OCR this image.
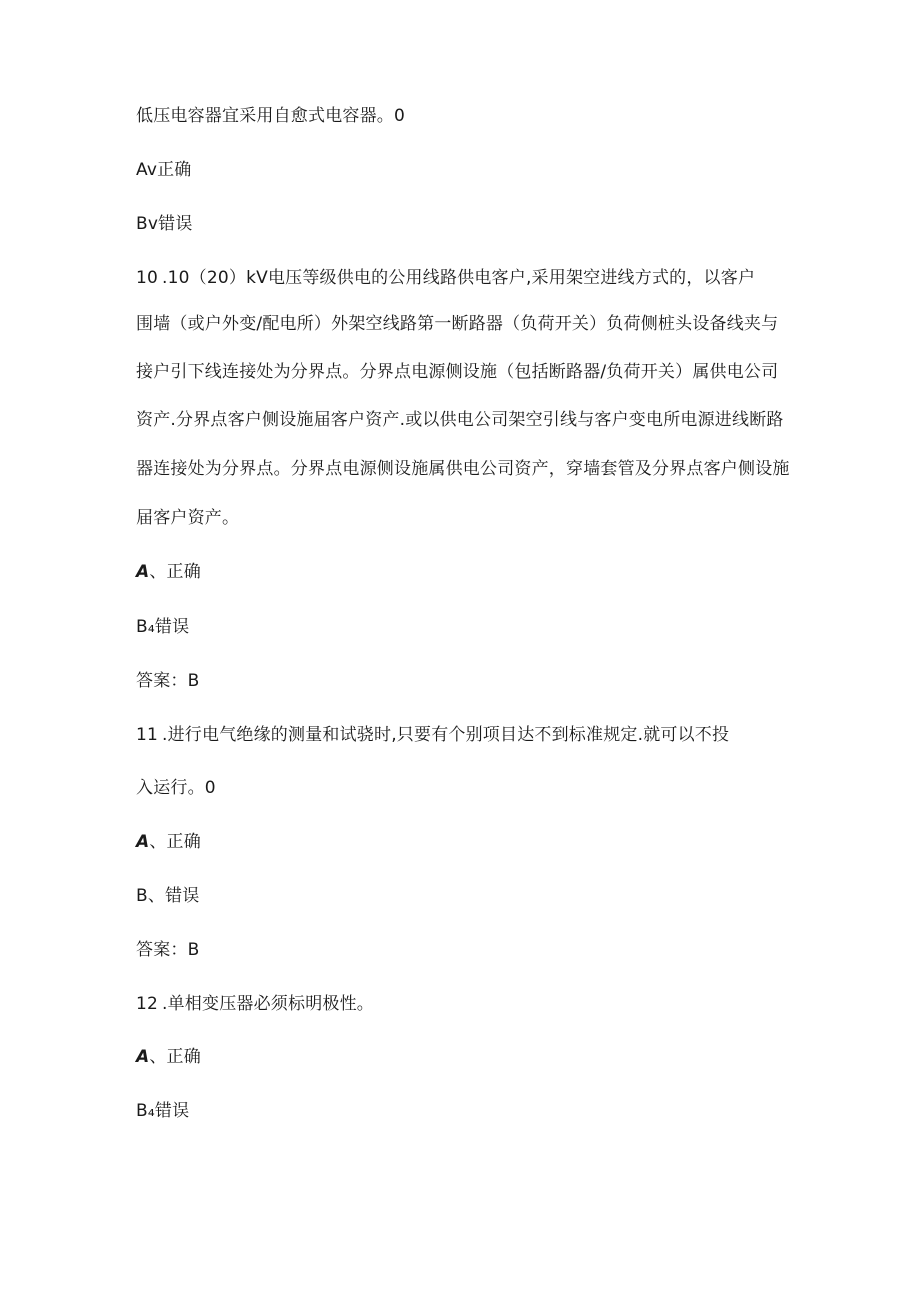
低压电容器宜采用自愈式电容器。0
Av正确
Bv错误
10 .10（20）kV电压等级供电的公用线路供电客户,采用架空进线方式的，以客户
围墙（或户外变/配电所）外架空线路第一断路器（负荷开关）负荷侧桩头设备线夹与
接户引下线连接处为分界点。分界点电源侧设施（包括断路器/负荷开关）属供电公司
资产.分界点客户侧设施届客户资产.或以供电公司架空引线与客户变电所电源进线断路
器连接处为分界点。分界点电源侧设施属供电公司资产，穿墙套管及分界点客户侧设施
届客户资产。
A、正确
B₄错误
答案：B
11 .进行电气绝缘的测量和试骁时,只要有个别项目达不到标准规定.就可以不投
入运行。0
A、正确
B、错误
答案：B
12 .单相变压器必须标明极性。
A、正确
B₄错误
